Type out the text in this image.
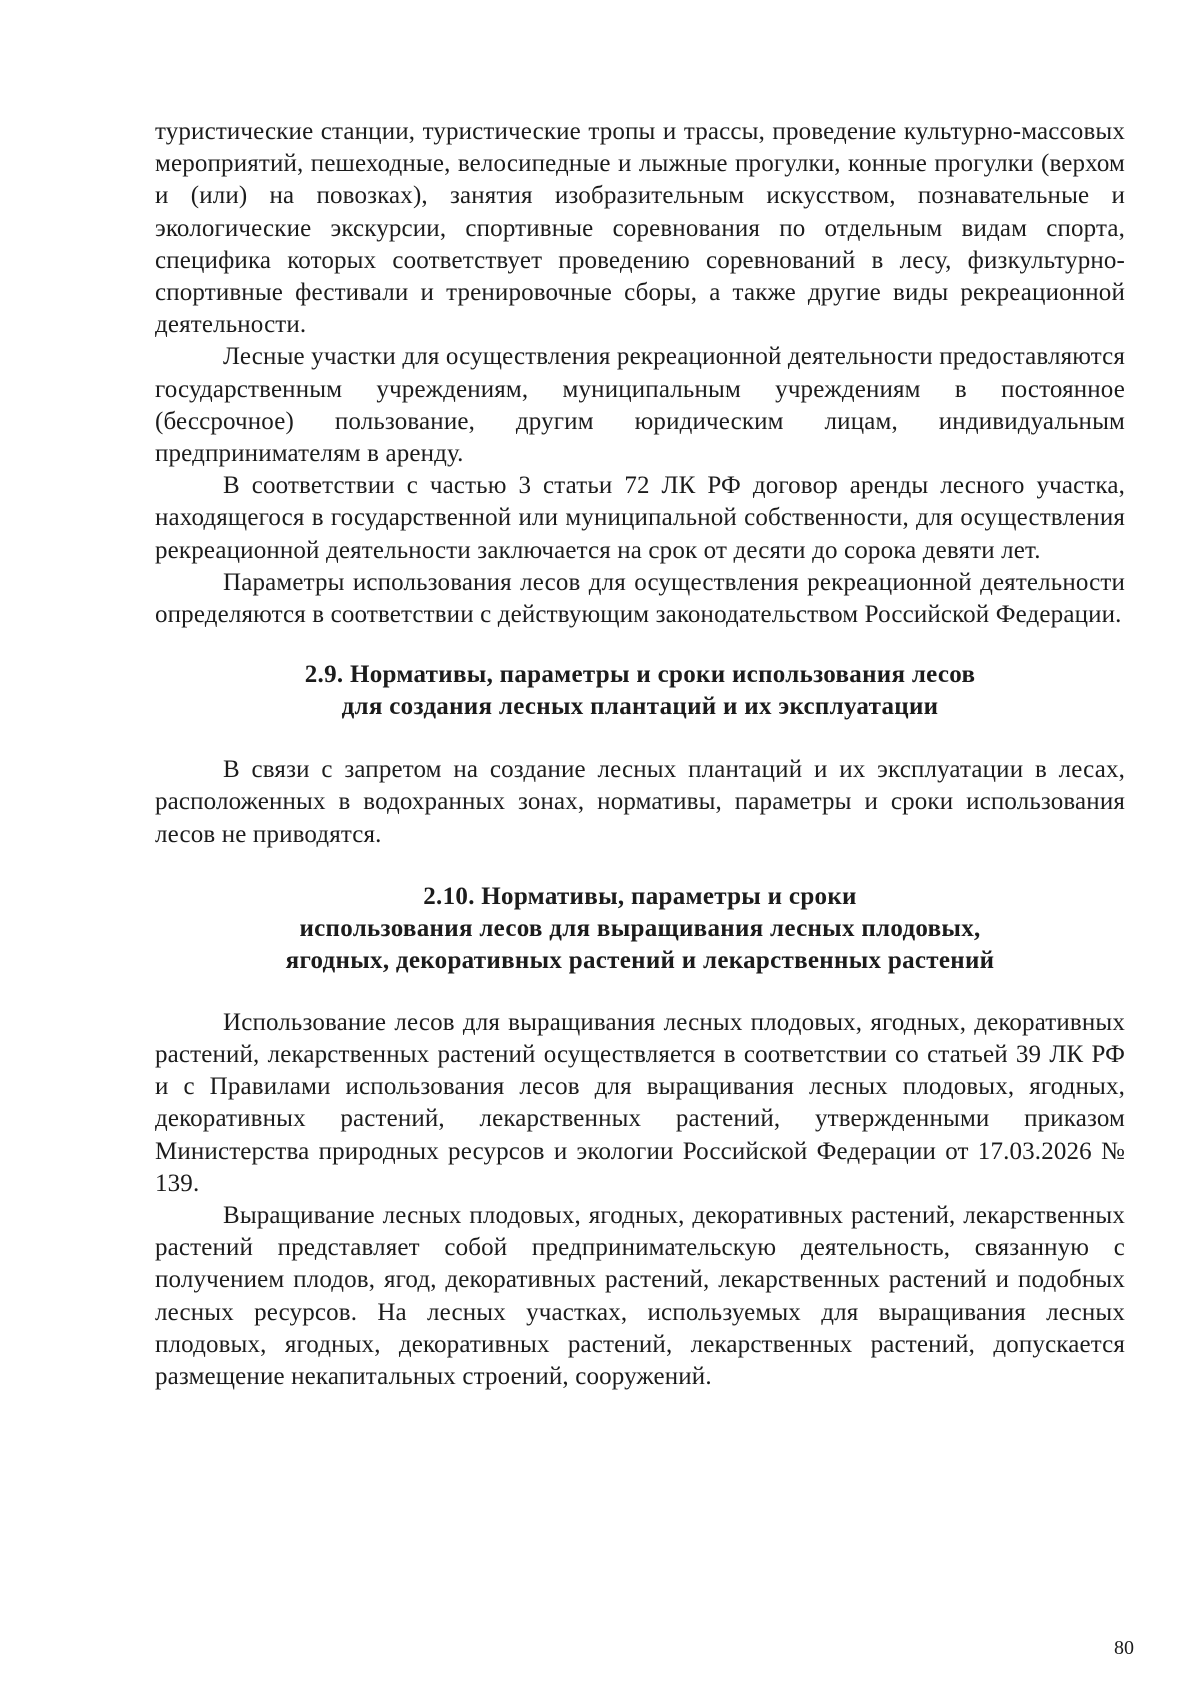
туристические станции, туристические тропы и трассы, проведение культурно-массовых мероприятий, пешеходные, велосипедные и лыжные прогулки, конные прогулки (верхом и (или) на повозках), занятия изобразительным искусством, познавательные и экологические экскурсии, спортивные соревнования по отдельным видам спорта, специфика которых соответствует проведению соревнований в лесу, физкультурно-спортивные фестивали и тренировочные сборы, а также другие виды рекреационной деятельности.

Лесные участки для осуществления рекреационной деятельности предоставляются государственным учреждениям, муниципальным учреждениям в постоянное (бессрочное) пользование, другим юридическим лицам, индивидуальным предпринимателям в аренду.

В соответствии с частью 3 статьи 72 ЛК РФ договор аренды лесного участка, находящегося в государственной или муниципальной собственности, для осуществления рекреационной деятельности заключается на срок от десяти до сорока девяти лет.

Параметры использования лесов для осуществления рекреационной деятельности определяются в соответствии с действующим законодательством Российской Федерации.

2.9. Нормативы, параметры и сроки использования лесов
для создания лесных плантаций и их эксплуатации

В связи с запретом на создание лесных плантаций и их эксплуатации в лесах, расположенных в водохранных зонах, нормативы, параметры и сроки использования лесов не приводятся.

2.10. Нормативы, параметры и сроки
использования лесов для выращивания лесных плодовых,
ягодных, декоративных растений и лекарственных растений

Использование лесов для выращивания лесных плодовых, ягодных, декоративных растений, лекарственных растений осуществляется в соответствии со статьей 39 ЛК РФ и с Правилами использования лесов для выращивания лесных плодовых, ягодных, декоративных растений, лекарственных растений, утвержденными приказом Министерства природных ресурсов и экологии Российской Федерации от 17.03.2026 № 139.

Выращивание лесных плодовых, ягодных, декоративных растений, лекарственных растений представляет собой предпринимательскую деятельность, связанную с получением плодов, ягод, декоративных растений, лекарственных растений и подобных лесных ресурсов. На лесных участках, используемых для выращивания лесных плодовых, ягодных, декоративных растений, лекарственных растений, допускается размещение некапитальных строений, сооружений.

80
